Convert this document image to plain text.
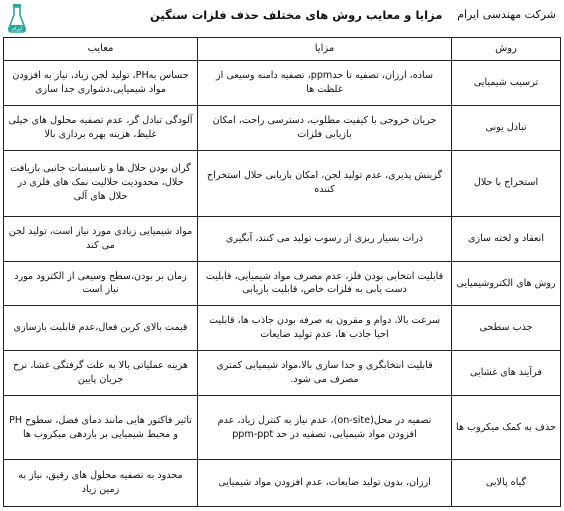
شرکت مهندسی ایرام
مزایا و معایب روش های مختلف حذف فلزات سنگین
ایرام
روش	مزایا	معایب
ترسیب شیمیایی	ساده، ارزان، تصفیه تا حدppm، تصفیه دامنه وسیعی از غلظت ها	حساس بهPH، تولید لجن زیاد، نیاز به افزودن مواد شیمیایی،دشواری جدا سازی
تبادل یونی	جریان خروجی با کیفیت مطلوب، دسترسی راحت، امکان بازیابی فلزات	آلودگی تبادل گر، عدم تصفیه محلول های خیلی غلیظ، هزینه بهره برداری بالا
استخراج با حلال	گزینش پذیری، عدم تولید لجن، امکان بازیابی حلال استخراج کننده	گران بودن حلال ها و تاسیسات جانبی بازیافت حلال، محدودیت حلالیت نمک های فلزی در حلال های آلی
انعقاد و لخته سازی	ذرات بسیار ریزی از رسوب تولید می کنند، آبگیری	مواد شیمیایی زیادی مورد نیاز است، تولید لجن می کند
روش های الکتروشیمیایی	قابلیت انتخابی بودن فلز، عدم مصرف مواد شیمیایی، قابلیت دست یابی به فلزات خاص، قابلیت بازیابی	زمان بر بودن،سطح وسیعی از الکترود مورد نیاز است
جذب سطحی	سرعت بالا، دوام و مقرون به صرفه بودن جاذب ها، قابلیت احیا جاذب ها، عدم تولید ضایعات	قیمت بالای کربن فعال،عدم قابلیت بازسازی
فرآیند های غشایی	قابلیت انتخابگری و جدا سازی بالا،مواد شیمیایی کمتری مصرف می شود.	هزینه عملیاتی بالا به علت گرفتگی غشا، نرخ جریان پایین
حذف به کمک میکروب ها	تصفیه در محل(on-site)، عدم نیاز به کنترل زیاد، عدم افزودن مواد شیمیایی، تصفیه در حد ppm-ppt	تاثیر فاکتور هایی مانند دمای فصل، سطوح PH و محیط شیمیایی بر بازدهی میکروب ها
گیاه پالایی	ارزان، بدون تولید ضایعات، عدم افزودن مواد شیمیایی	محدود به تصفیه محلول های رقیق، نیاز به زمین زیاد
